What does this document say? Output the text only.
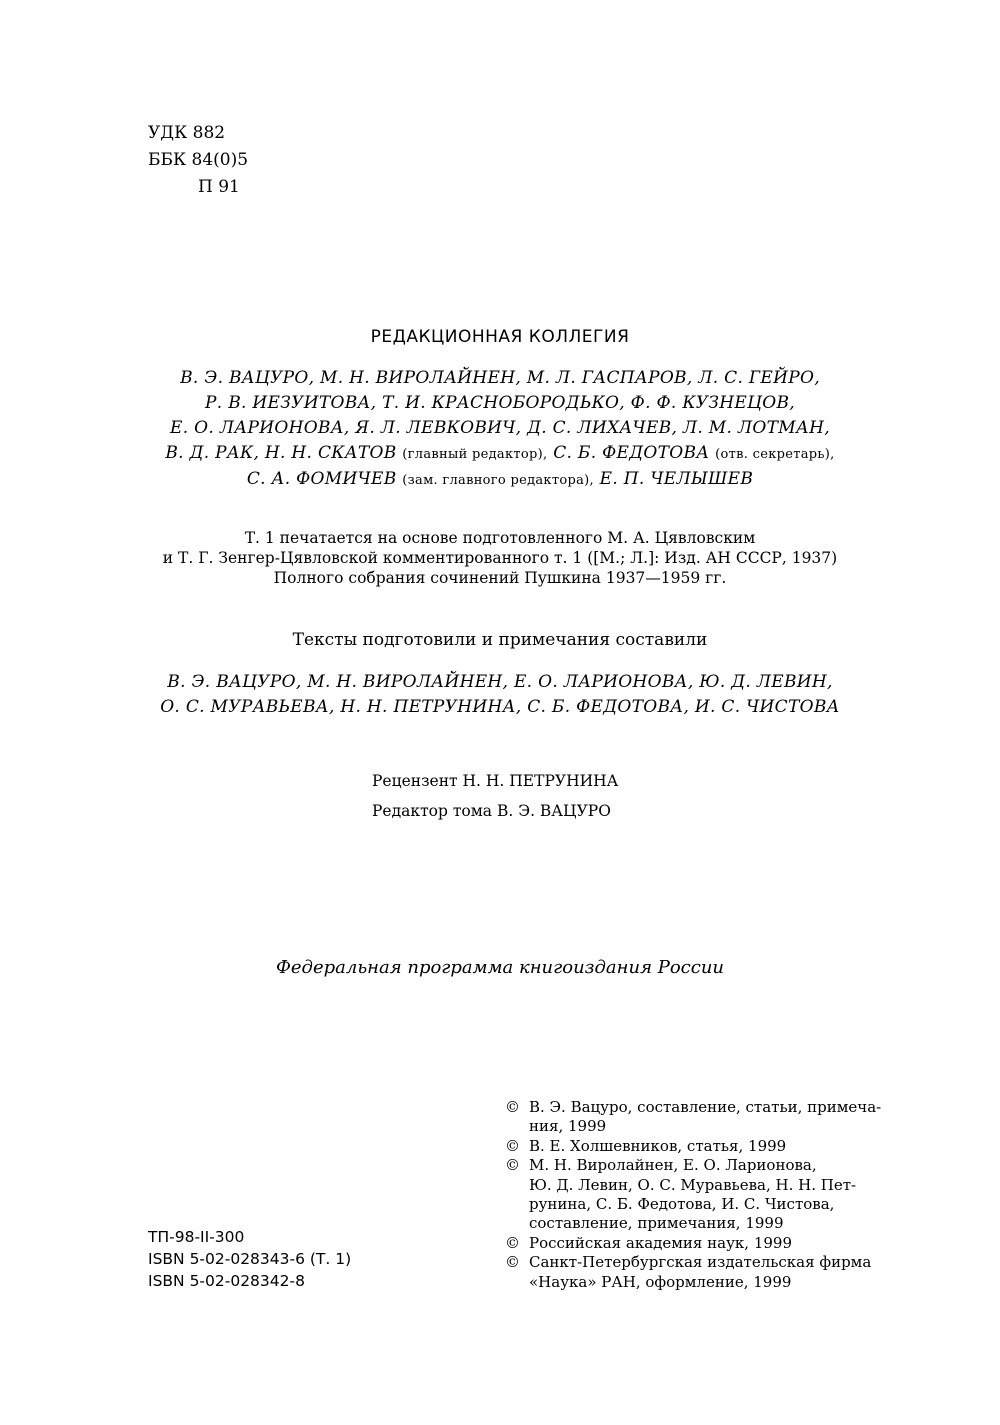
УДК 882
ББК 84(0)5
П 91
РЕДАКЦИОННАЯ КОЛЛЕГИЯ
В. Э. ВАЦУРО, М. Н. ВИРОЛАЙНЕН, М. Л. ГАСПАРОВ, Л. С. ГЕЙРО,
Р. В. ИЕЗУИТОВА, Т. И. КРАСНОБОРОДЬКО, Ф. Ф. КУЗНЕЦОВ,
Е. О. ЛАРИОНОВА, Я. Л. ЛЕВКОВИЧ, Д. С. ЛИХАЧЕВ, Л. М. ЛОТМАН,
В. Д. РАК, Н. Н. СКАТОВ (главный редактор), С. Б. ФЕДОТОВА (отв. секретарь),
С. А. ФОМИЧЕВ (зам. главного редактора), Е. П. ЧЕЛЫШЕВ
Т. 1 печатается на основе подготовленного М. А. Цявловским
и Т. Г. Зенгер-Цявловской комментированного т. 1 ([М.; Л.]: Изд. АН СССР, 1937)
Полного собрания сочинений Пушкина 1937—1959 гг.
Тексты подготовили и примечания составили
В. Э. ВАЦУРО, М. Н. ВИРОЛАЙНЕН, Е. О. ЛАРИОНОВА, Ю. Д. ЛЕВИН,
О. С. МУРАВЬЕВА, Н. Н. ПЕТРУНИНА, С. Б. ФЕДОТОВА, И. С. ЧИСТОВА
Рецензент Н. Н. ПЕТРУНИНА
Редактор тома В. Э. ВАЦУРО
Федеральная программа книгоиздания России
ТП-98-II-300
ISBN 5-02-028343-6 (Т. 1)
ISBN 5-02-028342-8
© В. Э. Вацуро, составление, статьи, примеча-
ния, 1999
© В. Е. Холшевников, статья, 1999
© М. Н. Виролайнен, Е. О. Ларионова,
Ю. Д. Левин, О. С. Муравьева, Н. Н. Пет-
рунина, С. Б. Федотова, И. С. Чистова,
составление, примечания, 1999
© Российская академия наук, 1999
© Санкт-Петербургская издательская фирма
«Наука» РАН, оформление, 1999
